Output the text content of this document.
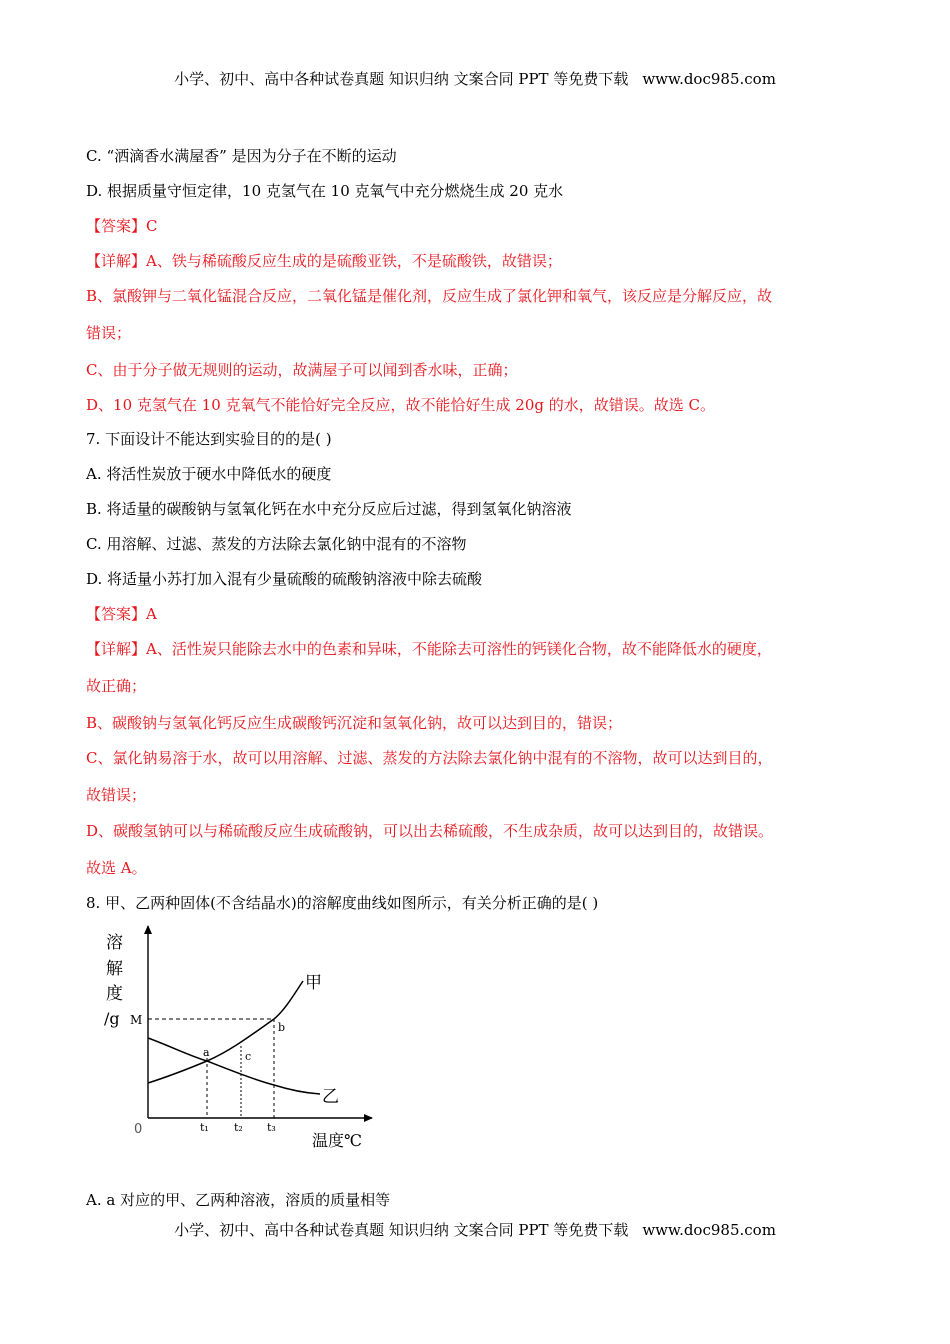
小学、初中、高中各种试卷真题 知识归纳 文案合同 PPT 等免费下载 www.doc985.com
C. “洒滴香水满屋香” 是因为分子在不断的运动
D. 根据质量守恒定律，10 克氢气在 10 克氧气中充分燃烧生成 20 克水
【答案】C
【详解】A、铁与稀硫酸反应生成的是硫酸亚铁，不是硫酸铁，故错误；
B、氯酸钾与二氧化锰混合反应，二氧化锰是催化剂，反应生成了氯化钾和氧气，该反应是分解反应，故
错误；
C、由于分子做无规则的运动，故满屋子可以闻到香水味，正确；
D、10 克氢气在 10 克氧气不能恰好完全反应，故不能恰好生成 20g 的水，故错误。故选 C。
7. 下面设计不能达到实验目的的是( )
A. 将活性炭放于硬水中降低水的硬度
B. 将适量的碳酸钠与氢氧化钙在水中充分反应后过滤，得到氢氧化钠溶液
C. 用溶解、过滤、蒸发的方法除去氯化钠中混有的不溶物
D. 将适量小苏打加入混有少量硫酸的硫酸钠溶液中除去硫酸
【答案】A
【详解】A、活性炭只能除去水中的色素和异味，不能除去可溶性的钙镁化合物，故不能降低水的硬度，
故正确；
B、碳酸钠与氢氧化钙反应生成碳酸钙沉淀和氢氧化钠，故可以达到目的，错误；
C、氯化钠易溶于水，故可以用溶解、过滤、蒸发的方法除去氯化钠中混有的不溶物，故可以达到目的，
故错误；
D、碳酸氢钠可以与稀硫酸反应生成硫酸钠，可以出去稀硫酸，不生成杂质，故可以达到目的，故错误。
故选 A。
8. 甲、乙两种固体(不含结晶水)的溶解度曲线如图所示，有关分析正确的是( )
溶
解
度
/g M
0
甲
乙
a
b
c
t₁ t₂ t₃
温度℃
A. a 对应的甲、乙两种溶液，溶质的质量相等
小学、初中、高中各种试卷真题 知识归纳 文案合同 PPT 等免费下载 www.doc985.com
